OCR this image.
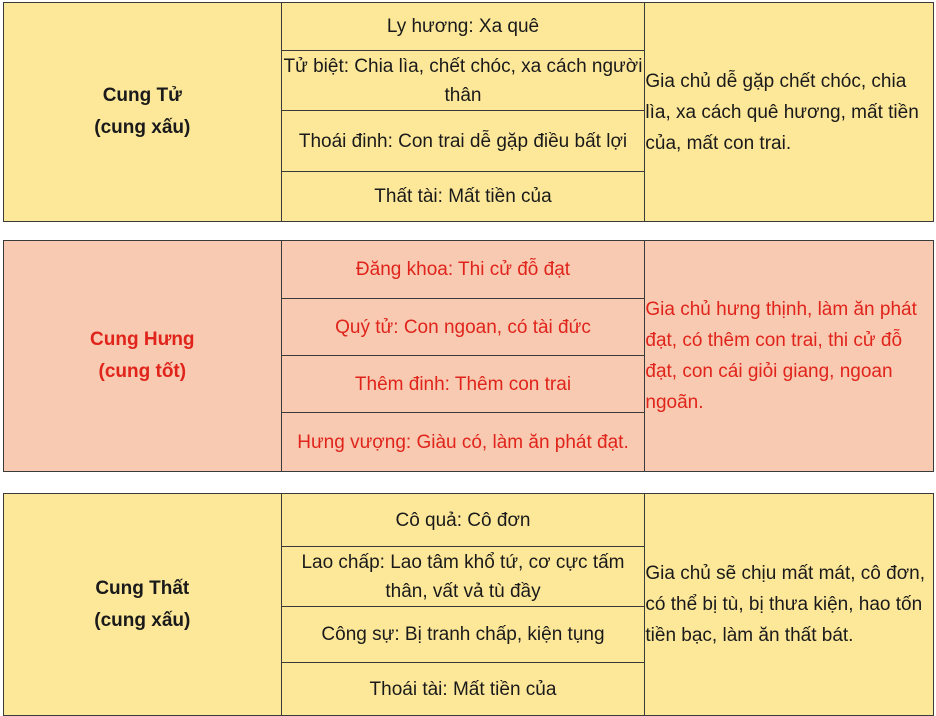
Cung Tử
(cung xấu)	Ly hương: Xa quê	Gia chủ dễ gặp chết chóc, chia lìa, xa cách quê hương, mất tiền của, mất con trai.
Tử biệt: Chia lìa, chết chóc, xa cách người thân
Thoái đinh: Con trai dễ gặp điều bất lợi
Thất tài: Mất tiền của
Cung Hưng
(cung tốt)	Đăng khoa: Thi cử đỗ đạt	Gia chủ hưng thịnh, làm ăn phát đạt, có thêm con trai, thi cử đỗ đạt, con cái giỏi giang, ngoan ngoãn.
Quý tử: Con ngoan, có tài đức
Thêm đinh: Thêm con trai
Hưng vượng: Giàu có, làm ăn phát đạt.
Cung Thất
(cung xấu)	Cô quả: Cô đơn	Gia chủ sẽ chịu mất mát, cô đơn, có thể bị tù, bị thưa kiện, hao tốn tiền bạc, làm ăn thất bát.
Lao chấp: Lao tâm khổ tứ, cơ cực tấm thân, vất vả tù đầy
Công sự: Bị tranh chấp, kiện tụng
Thoái tài: Mất tiền của
